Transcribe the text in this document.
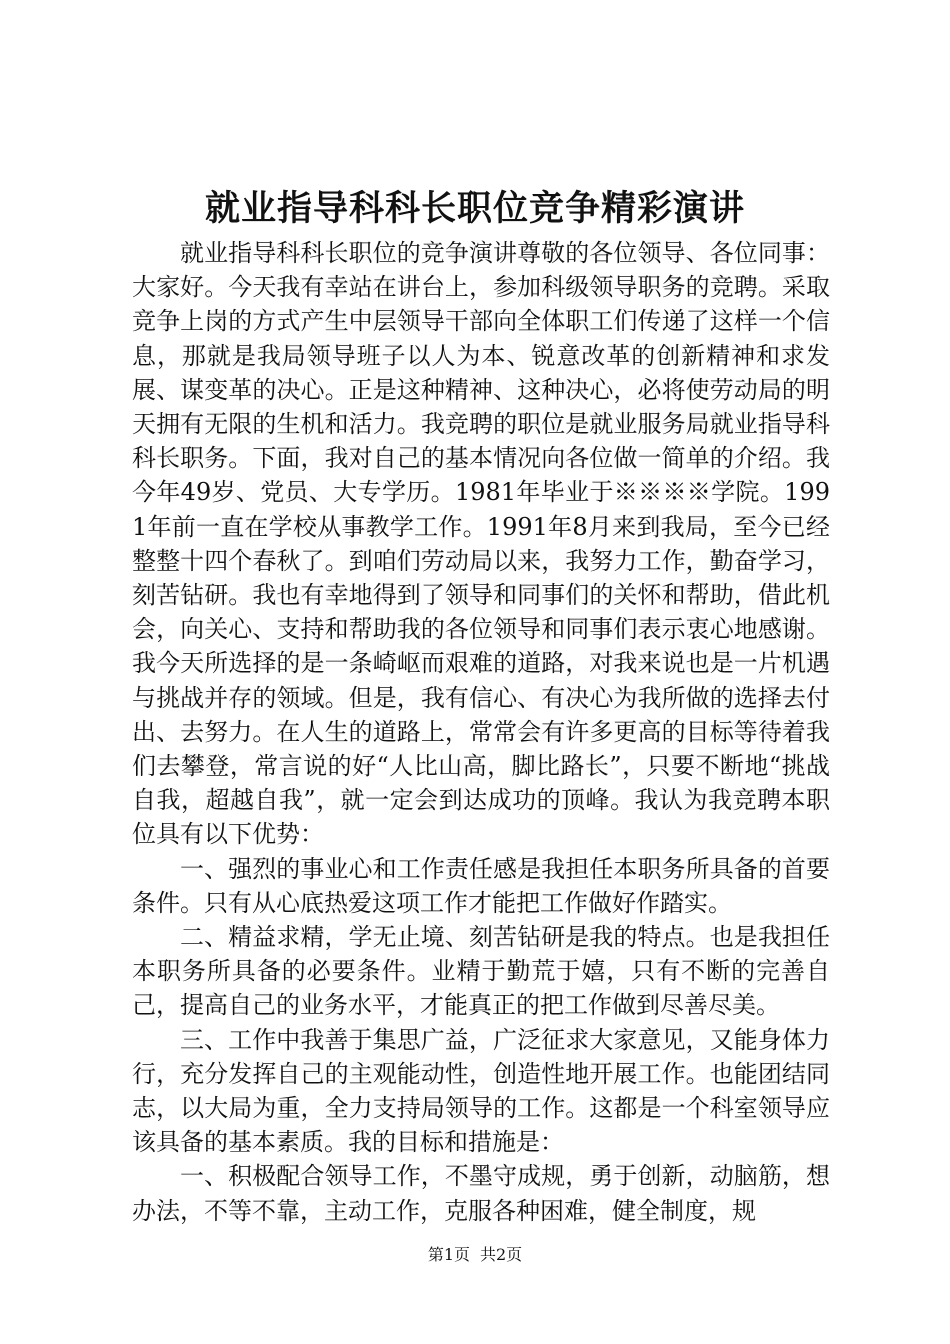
就业指导科科长职位竞争精彩演讲

就业指导科科长职位的竞争演讲尊敬的各位领导、各位同事：大家好。今天我有幸站在讲台上，参加科级领导职务的竞聘。采取竞争上岗的方式产生中层领导干部向全体职工们传递了这样一个信息，那就是我局领导班子以人为本、锐意改革的创新精神和求发展、谋变革的决心。正是这种精神、这种决心，必将使劳动局的明天拥有无限的生机和活力。我竞聘的职位是就业服务局就业指导科科长职务。下面，我对自己的基本情况向各位做一简单的介绍。我今年49岁、党员、大专学历。1981年毕业于※※※※学院。1991年前一直在学校从事教学工作。1991年8月来到我局，至今已经整整十四个春秋了。到咱们劳动局以来，我努力工作，勤奋学习，刻苦钻研。我也有幸地得到了领导和同事们的关怀和帮助，借此机会，向关心、支持和帮助我的各位领导和同事们表示衷心地感谢。我今天所选择的是一条崎岖而艰难的道路，对我来说也是一片机遇与挑战并存的领域。但是，我有信心、有决心为我所做的选择去付出、去努力。在人生的道路上，常常会有许多更高的目标等待着我们去攀登，常言说的好“人比山高，脚比路长”，只要不断地“挑战自我，超越自我”，就一定会到达成功的顶峰。我认为我竞聘本职位具有以下优势：

一、强烈的事业心和工作责任感是我担任本职务所具备的首要条件。只有从心底热爱这项工作才能把工作做好作踏实。

二、精益求精，学无止境、刻苦钻研是我的特点。也是我担任本职务所具备的必要条件。业精于勤荒于嬉，只有不断的完善自己，提高自己的业务水平，才能真正的把工作做到尽善尽美。

三、工作中我善于集思广益，广泛征求大家意见，又能身体力行，充分发挥自己的主观能动性，创造性地开展工作。也能团结同志，以大局为重，全力支持局领导的工作。这都是一个科室领导应该具备的基本素质。我的目标和措施是：

一、积极配合领导工作，不墨守成规，勇于创新，动脑筋，想办法，不等不靠，主动工作，克服各种困难，健全制度，规

第1页 共2页
